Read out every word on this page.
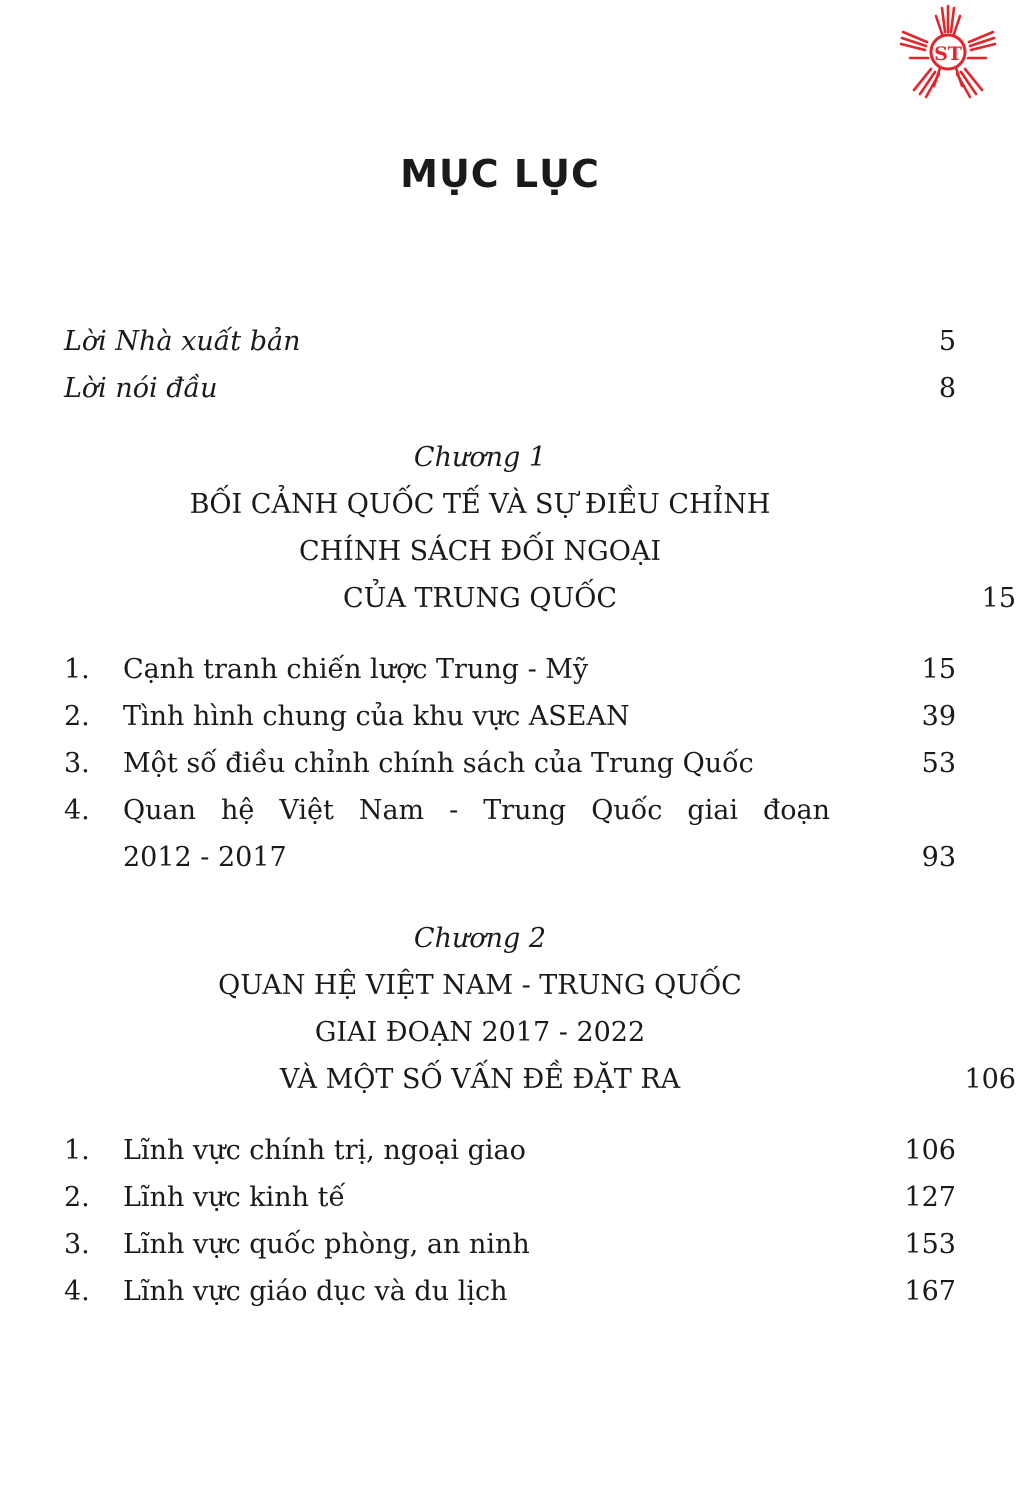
ST
MỤC LỤC
Lời Nhà xuất bản	5
Lời nói đầu	8
Chương 1
BỐI CẢNH QUỐC TẾ VÀ SỰ ĐIỀU CHỈNH
CHÍNH SÁCH ĐỐI NGOẠI
CỦA TRUNG QUỐC	15
1.	Cạnh tranh chiến lược Trung - Mỹ	15
2.	Tình hình chung của khu vực ASEAN	39
3.	Một số điều chỉnh chính sách của Trung Quốc	53
4.	Quan hệ Việt Nam - Trung Quốc giai đoạn
2012 - 2017	93
Chương 2
QUAN HỆ VIỆT NAM - TRUNG QUỐC
GIAI ĐOẠN 2017 - 2022
VÀ MỘT SỐ VẤN ĐỀ ĐẶT RA	106
1.	Lĩnh vực chính trị, ngoại giao	106
2.	Lĩnh vực kinh tế	127
3.	Lĩnh vực quốc phòng, an ninh	153
4.	Lĩnh vực giáo dục và du lịch	167
